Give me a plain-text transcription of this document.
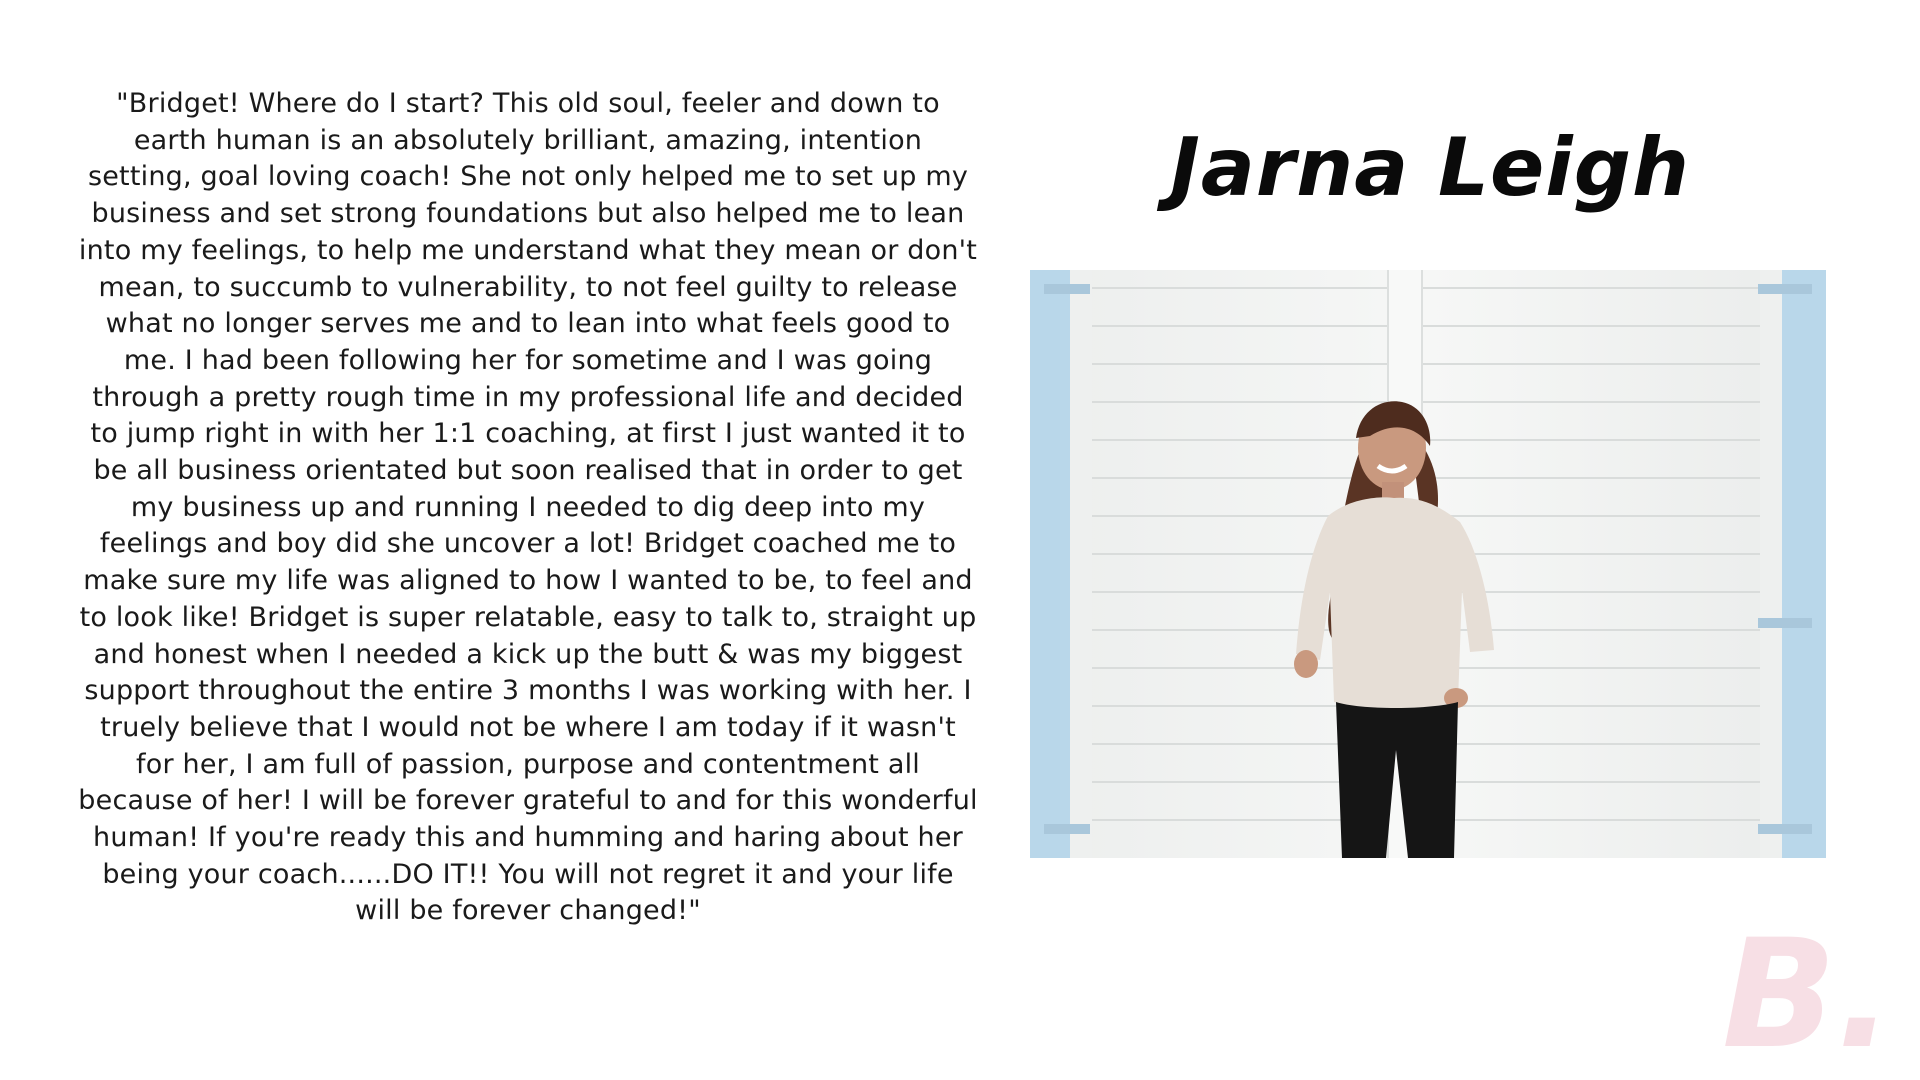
"Bridget! Where do I start? This old soul, feeler and down to earth human is an absolutely brilliant, amazing, intention setting, goal loving coach! She not only helped me to set up my business and set strong foundations but also helped me to lean into my feelings, to help me understand what they mean or don't mean, to succumb to vulnerability, to not feel guilty to release what no longer serves me and to lean into what feels good to me. I had been following her for sometime and I was going through a pretty rough time in my professional life and decided to jump right in with her 1:1 coaching, at first I just wanted it to be all business orientated but soon realised that in order to get my business up and running I needed to dig deep into my feelings and boy did she uncover a lot! Bridget coached me to make sure my life was aligned to how I wanted to be, to feel and to look like! Bridget is super relatable, easy to talk to, straight up and honest when I needed a kick up the butt & was my biggest support throughout the entire 3 months I was working with her. I truely believe that I would not be where I am today if it wasn't for her, I am full of passion, purpose and contentment all because of her! I will be forever grateful to and for this wonderful human! If you're ready this and humming and haring about her being your coach......DO IT!! You will not regret it and your life will be forever changed!"

Jarna Leigh
B.
